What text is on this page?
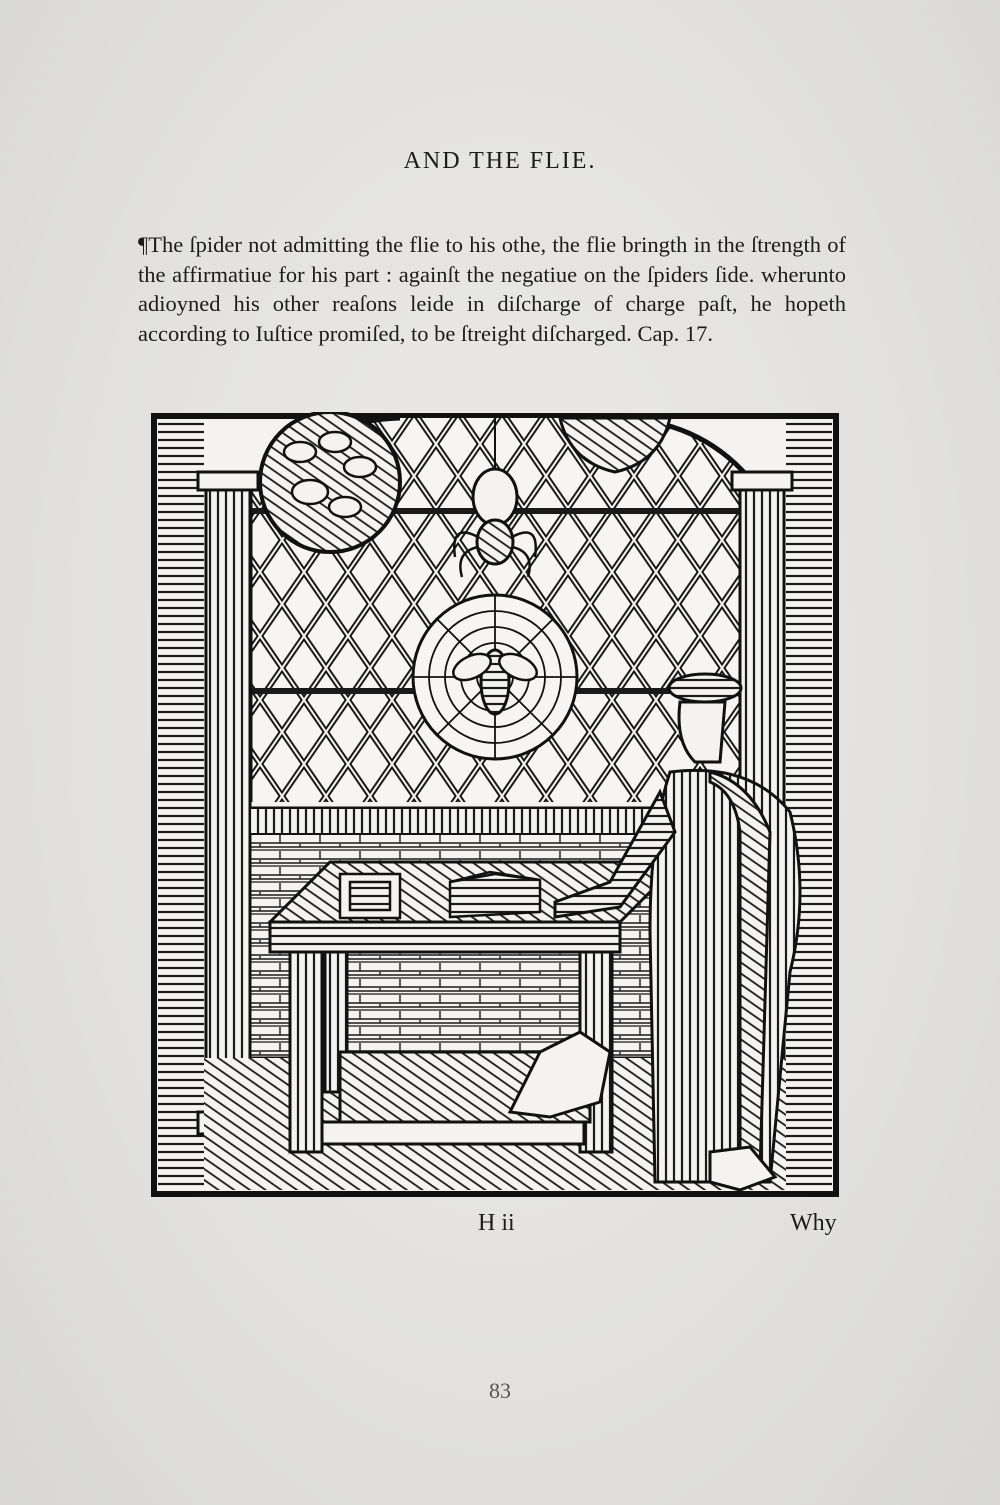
AND THE FLIE.

¶The ſpider not admitting the flie to his othe, the flie bringth in the ſtrength of the affirmatiue for his part : againſt the negatiue on the ſpiders ſide. wherunto adioyned his other reaſons leide in diſcharge of charge paſt, he hopeth according to Iuſtice promiſed, to be ſtreight diſcharged. Cap. 17.

H ii	Why
83
